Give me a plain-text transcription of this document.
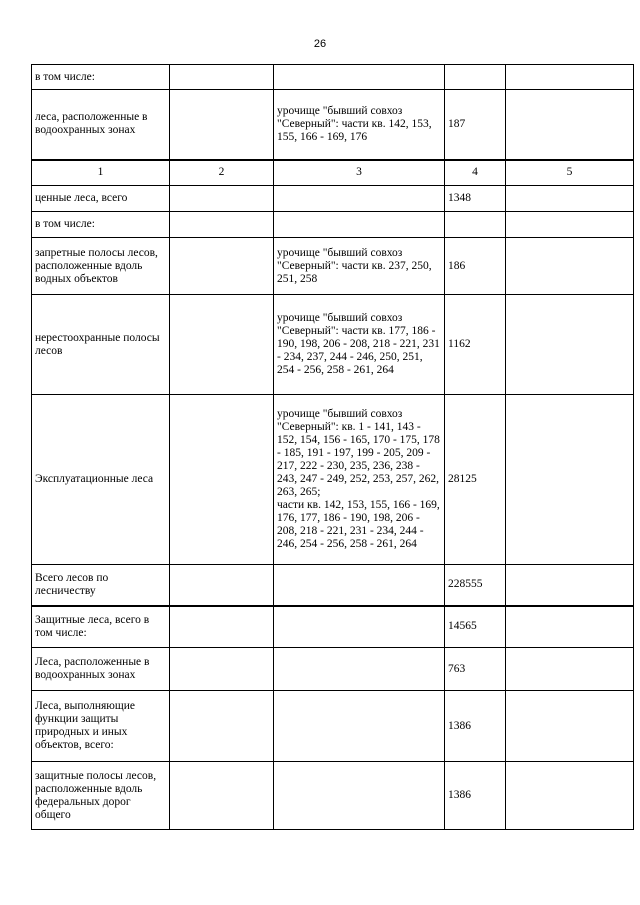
26
в том числе:				
леса, расположенные в водоохранных зонах		урочище "бывший совхоз "Северный": части кв. 142, 153, 155, 166 - 169, 176	187	
1	2	3	4	5
ценные леса, всего			1348	
в том числе:				
запретные полосы лесов, расположенные вдоль водных объектов		урочище "бывший совхоз "Северный": части кв. 237, 250, 251, 258	186	
нерестоохранные полосы лесов		урочище "бывший совхоз "Северный": части кв. 177, 186 - 190, 198, 206 - 208, 218 - 221, 231 - 234, 237, 244 - 246, 250, 251, 254 - 256, 258 - 261, 264	1162	
Эксплуатационные леса		урочище "бывший совхоз "Северный": кв. 1 - 141, 143 - 152, 154, 156 - 165, 170 - 175, 178 - 185, 191 - 197, 199 - 205, 209 - 217, 222 - 230, 235, 236, 238 - 243, 247 - 249, 252, 253, 257, 262, 263, 265;
части кв. 142, 153, 155, 166 - 169, 176, 177, 186 - 190, 198, 206 - 208, 218 - 221, 231 - 234, 244 - 246, 254 - 256, 258 - 261, 264	28125	
Всего лесов по лесничеству			228555	
Защитные леса, всего в том числе:			14565	
Леса, расположенные в водоохранных зонах			763	
Леса, выполняющие функции защиты природных и иных объектов, всего:			1386	
защитные полосы лесов, расположенные вдоль федеральных дорог общего			1386	
